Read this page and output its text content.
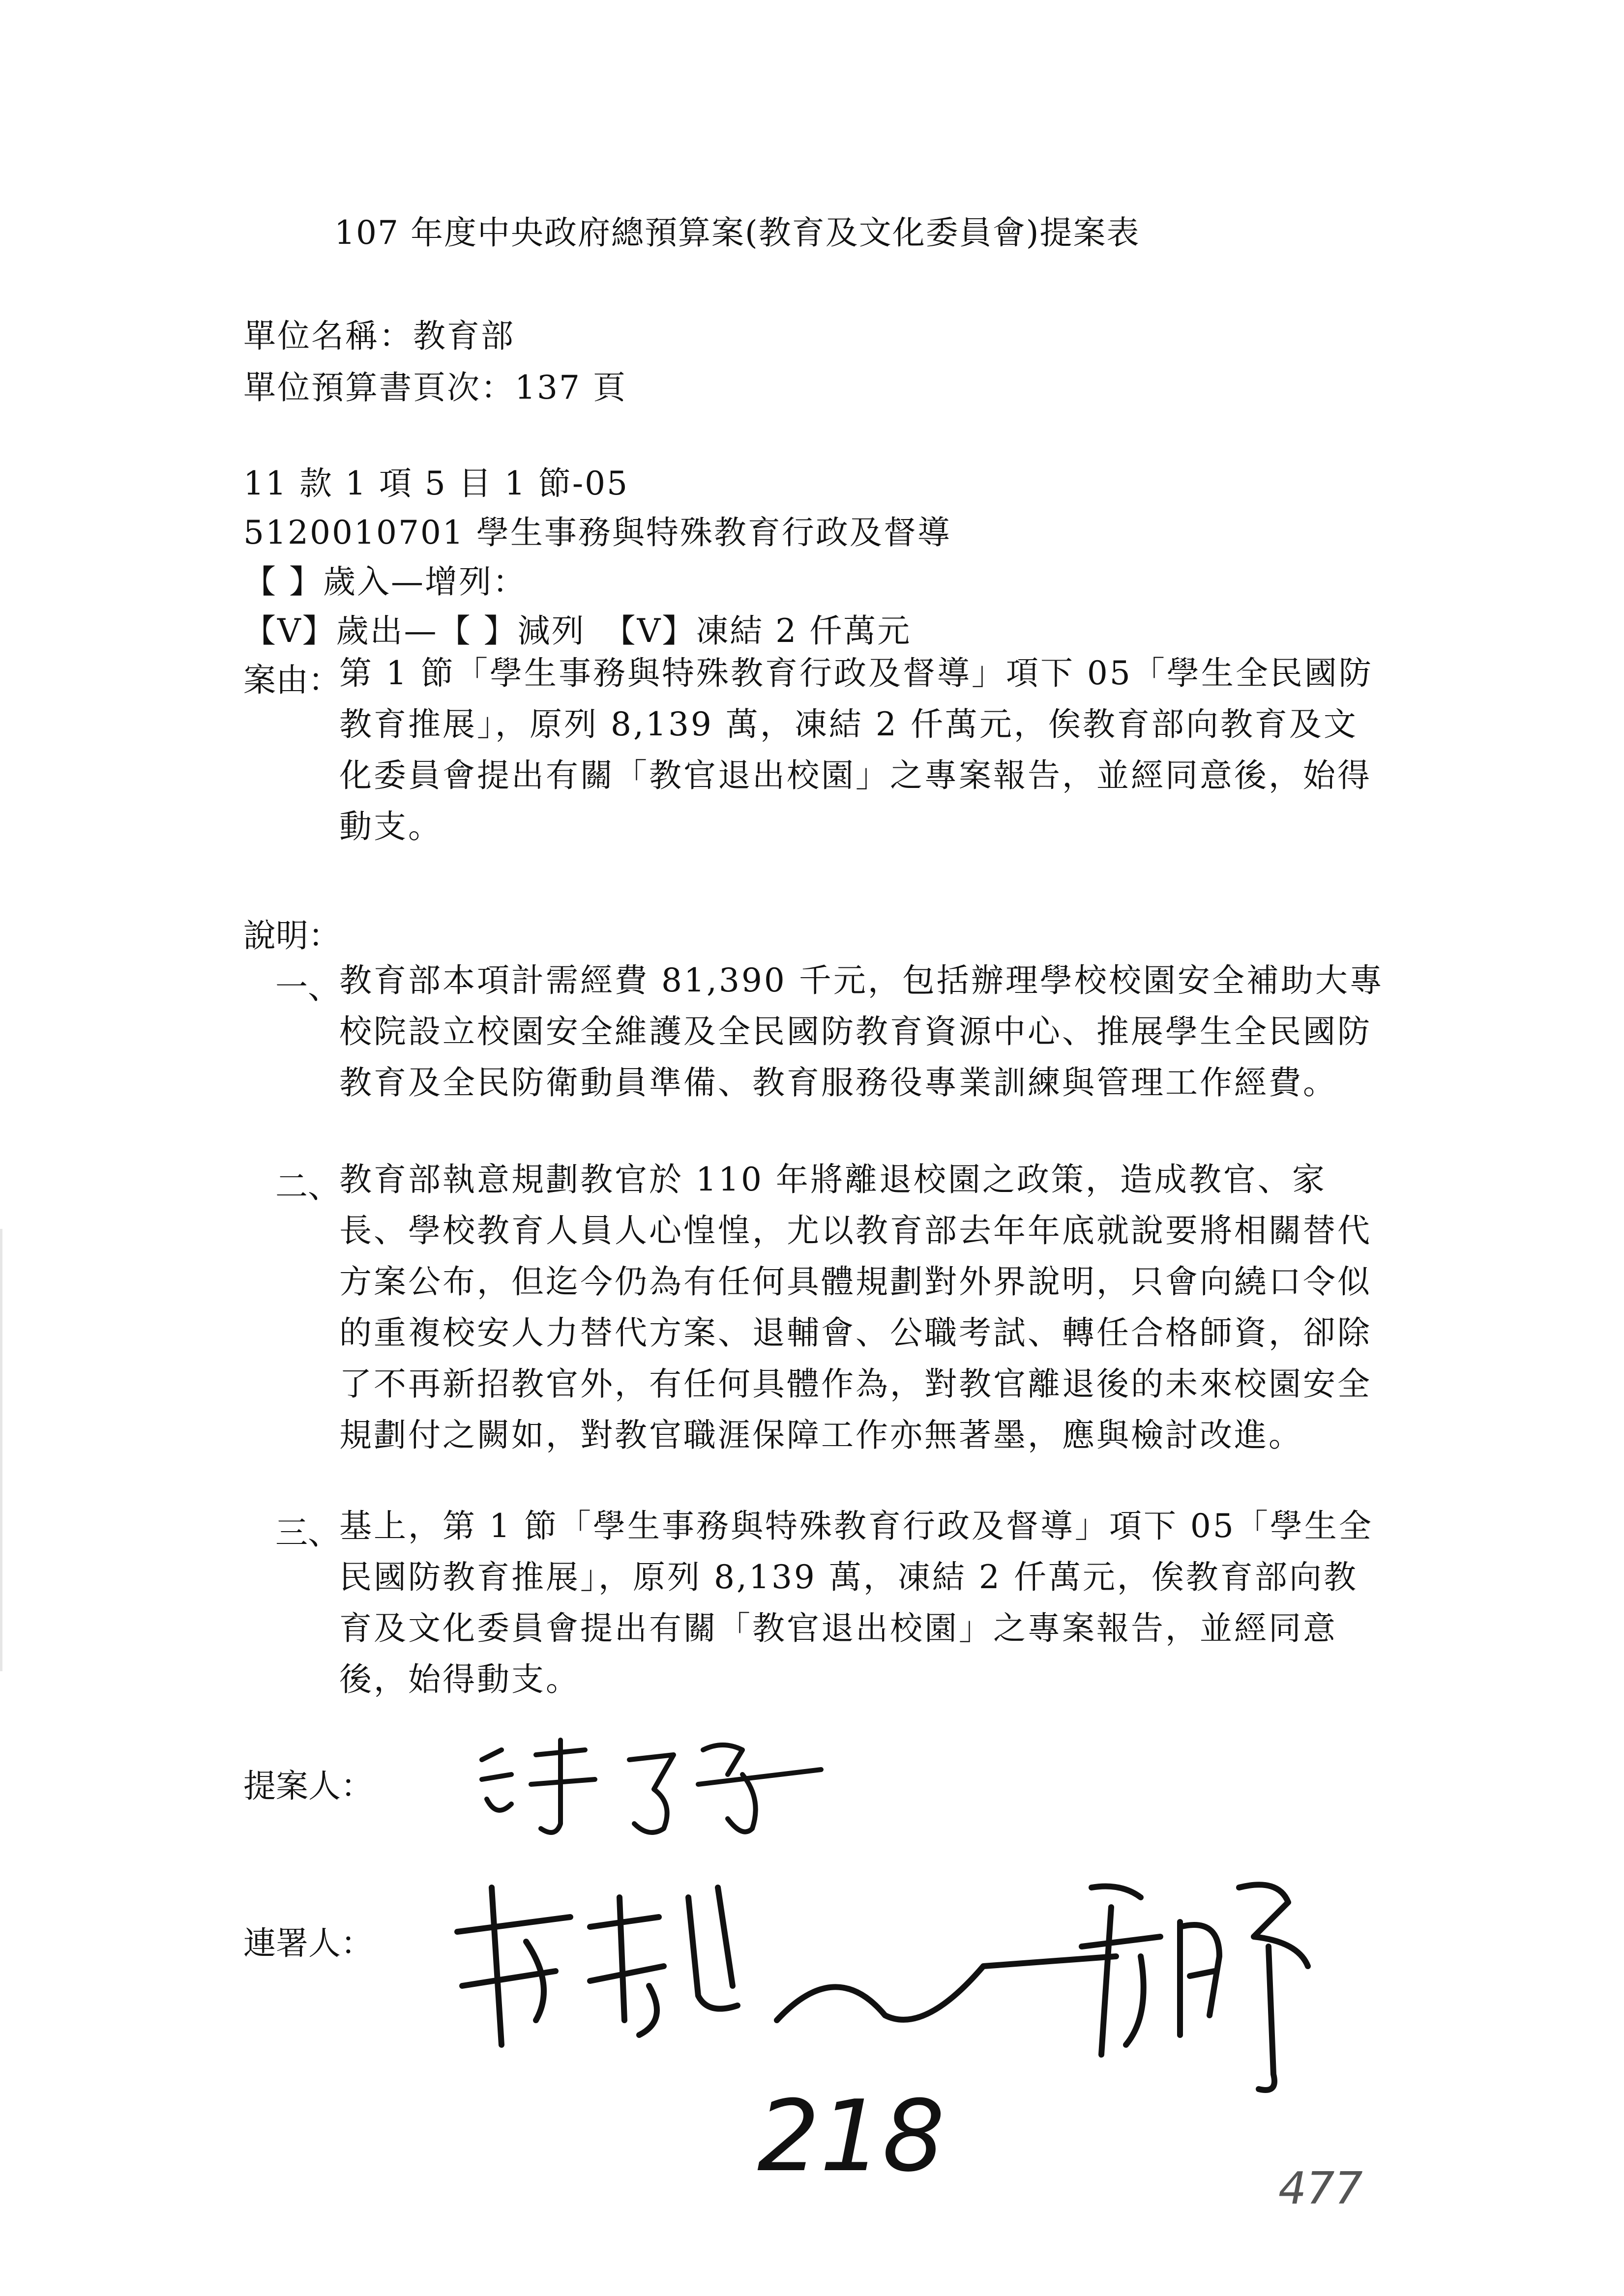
107 年度中央政府總預算案(教育及文化委員會)提案表
單位名稱：教育部
單位預算書頁次：137 頁
11 款 1 項 5 目 1 節-05
5120010701 學生事務與特殊教育行政及督導
【 】歲入—增列：
【V】歲出—【 】減列　【V】凍結 2 仟萬元
案由：
第 1 節「學生事務與特殊教育行政及督導」項下 05「學生全民國防教育推展」，原列 8,139 萬，凍結 2 仟萬元，俟教育部向教育及文化委員會提出有關「教官退出校園」之專案報告，並經同意後，始得動支。
說明：
一、
教育部本項計需經費 81,390 千元，包括辦理學校校園安全補助大專校院設立校園安全維護及全民國防教育資源中心、推展學生全民國防教育及全民防衛動員準備、教育服務役專業訓練與管理工作經費。
二、
教育部執意規劃教官於 110 年將離退校園之政策，造成教官、家長、學校教育人員人心惶惶，尤以教育部去年年底就說要將相關替代方案公布，但迄今仍為有任何具體規劃對外界說明，只會向繞口令似的重複校安人力替代方案、退輔會、公職考試、轉任合格師資，卻除了不再新招教官外，有任何具體作為，對教官離退後的未來校園安全規劃付之闕如，對教官職涯保障工作亦無著墨，應與檢討改進。
三、
基上，第 1 節「學生事務與特殊教育行政及督導」項下 05「學生全民國防教育推展」，原列 8,139 萬，凍結 2 仟萬元，俟教育部向教育及文化委員會提出有關「教官退出校園」之專案報告，並經同意後，始得動支。
提案人：
連署人：
218	477
